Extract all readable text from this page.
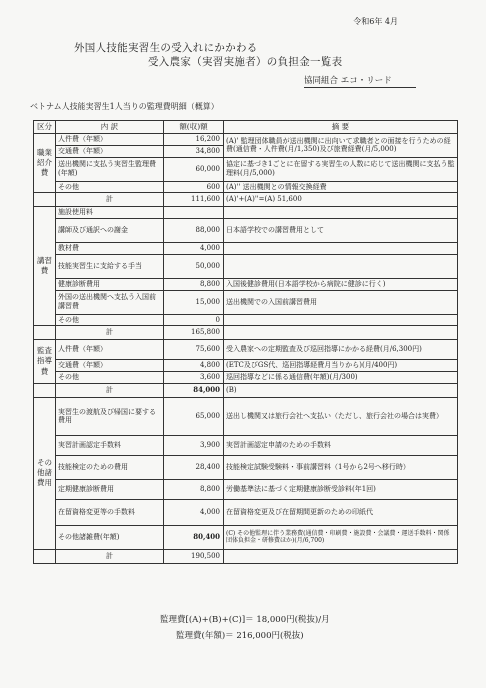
令和6年 4月
外国人技能実習生の受入れにかかわる
受入農家（実習実施者）の負担金一覧表
協同組合 エコ・リード
ベトナム人技能実習生1人当りの監理費明細（概算）
区分	内 訳	額(収)額	摘 要
職業紹介費	人件費（年額）	16,200	(A)' 監理団体職員が送出機関に出向いて求職者との面接を行うための経費(通信費・人件費(月/1,350)及び旅費経費(月/5,000)
	交通費（年額）	34,800	
	送出機関に支払う実習生監理費(年額)	60,000	協定に基づき1ごとに在留する実習生の人数に応じて送出機関に支払う監理料(月/5,000)
	その他	600	(A)'' 送出機関との情報交換経費
	計	111,600	(A)'+(A)''=(A) 51,600
講習費	施設使用料		
	講師及び通訳への謝金	88,000	日本語学校での講習費用として
	教材費	4,000	
	技能実習生に支給する手当	50,000	
	健康診断費用	8,800	入国後健診費用(日本語学校から病院に健診に行く)
	外国の送出機関へ支払う入国前講習費	15,000	送出機関での入国前講習費用
	その他	0	
	計	165,800	
監査指導費	人件費（年額）	75,600	受入農家への定期監査及び巡回指導にかかる経費(月/6,300円)
	交通費（年額）	4,800	(ETC及びGS代、巡回指導経費月当りから)(月/400円)
	その他	3,600	巡回指導などに係る通信費(年額)(月/300)
	計	84,000	(B)
その他諸費用	実習生の渡航及び帰国に要する費用	65,000	送出し機関又は旅行会社へ支払い（ただし、旅行会社の場合は実費）
	実習計画認定手数料	3,900	実習計画認定申請のための手数料
	技能検定のための費用	28,400	技能検定試験受験料・事前講習料（1号から2号へ移行時）
	定期健康診断費用	8,800	労働基準法に基づく定期健康診断受診料(年1回)
	在留資格変更等の手数料	4,000	在留資格変更及び在留期間更新のための印紙代
	その他諸雑費(年額)	80,400	(C) その他監理に伴う業務費(通信費・印刷費・施設費・会議費・運送手数料・関係団体負担金・研修費ほか)(月/6,700)
	計	190,500	
監理費[(A)+(B)+(C)]＝ 18,000円(税抜)/月
監理費(年額)＝ 216,000円(税抜)
